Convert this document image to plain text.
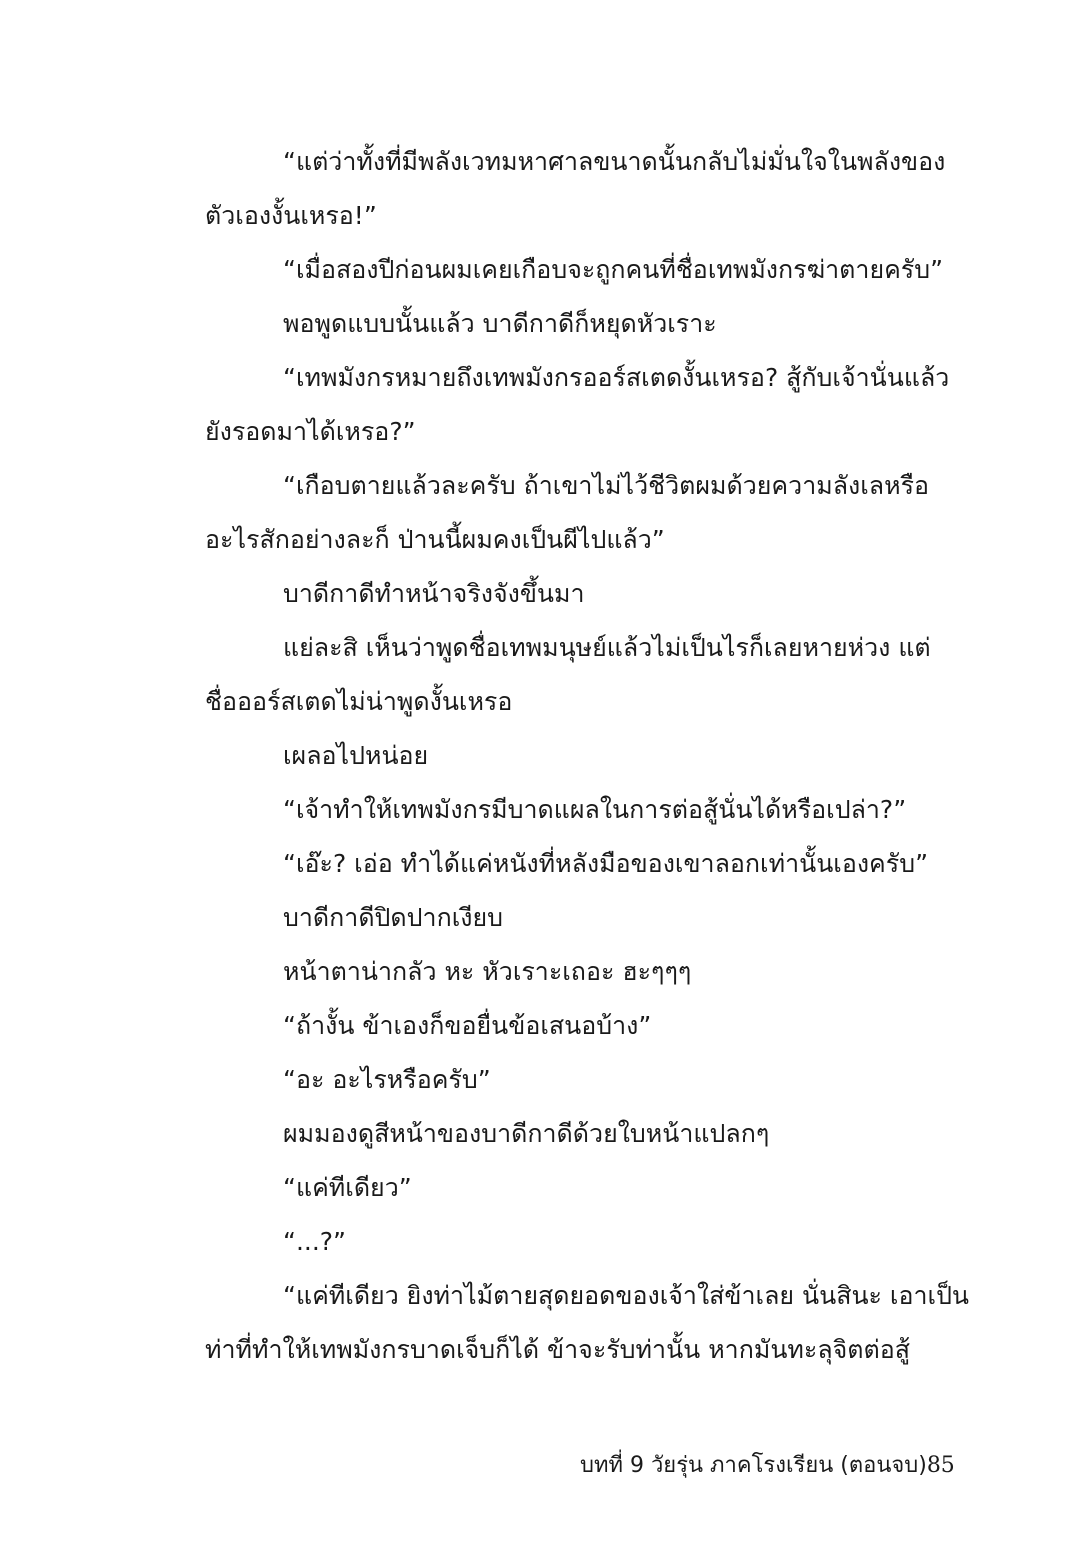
“แต่ว่าทั้งที่มีพลังเวทมหาศาลขนาดนั้นกลับไม่มั่นใจในพลังของ
ตัวเองงั้นเหรอ!”
“เมื่อสองปีก่อนผมเคยเกือบจะถูกคนที่ชื่อเทพมังกรฆ่าตายครับ”
พอพูดแบบนั้นแล้ว บาดีกาดีก็หยุดหัวเราะ
“เทพมังกรหมายถึงเทพมังกรออร์สเตดงั้นเหรอ? สู้กับเจ้านั่นแล้ว
ยังรอดมาได้เหรอ?”
“เกือบตายแล้วละครับ ถ้าเขาไม่ไว้ชีวิตผมด้วยความลังเลหรือ
อะไรสักอย่างละก็ ป่านนี้ผมคงเป็นผีไปแล้ว”
บาดีกาดีทำหน้าจริงจังขึ้นมา
แย่ละสิ เห็นว่าพูดชื่อเทพมนุษย์แล้วไม่เป็นไรก็เลยหายห่วง แต่
ชื่อออร์สเตดไม่น่าพูดงั้นเหรอ
เผลอไปหน่อย
“เจ้าทำให้เทพมังกรมีบาดแผลในการต่อสู้นั่นได้หรือเปล่า?”
“เอ๊ะ? เอ่อ ทำได้แค่หนังที่หลังมือของเขาลอกเท่านั้นเองครับ”
บาดีกาดีปิดปากเงียบ
หน้าตาน่ากลัว หะ หัวเราะเถอะ ฮะๆๆๆ
“ถ้างั้น ข้าเองก็ขอยื่นข้อเสนอบ้าง”
“อะ อะไรหรือครับ”
ผมมองดูสีหน้าของบาดีกาดีด้วยใบหน้าแปลกๆ
“แค่ทีเดียว”
“...?”
“แค่ทีเดียว ยิงท่าไม้ตายสุดยอดของเจ้าใส่ข้าเลย นั่นสินะ เอาเป็น
ท่าที่ทำให้เทพมังกรบาดเจ็บก็ได้ ข้าจะรับท่านั้น หากมันทะลุจิตต่อสู้
บทที่ 9 วัยรุ่น ภาคโรงเรียน (ตอนจบ) 85
